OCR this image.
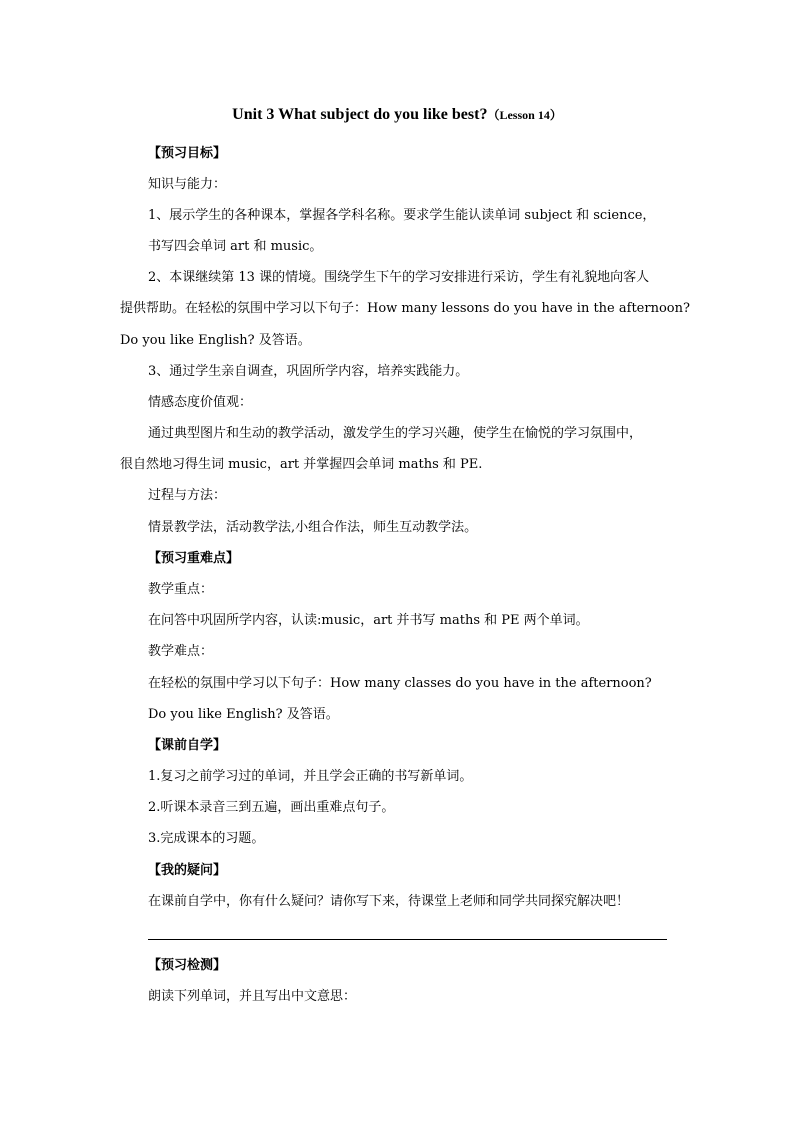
Unit 3 What subject do you like best?（Lesson 14）
【预习目标】
知识与能力：
1、展示学生的各种课本，掌握各学科名称。要求学生能认读单词 subject 和 science，
书写四会单词 art 和 music。
2、本课继续第 13 课的情境。围绕学生下午的学习安排进行采访，学生有礼貌地向客人
提供帮助。在轻松的氛围中学习以下句子：How many lessons do you have in the afternoon?
Do you like English? 及答语。
3、通过学生亲自调查，巩固所学内容，培养实践能力。
情感态度价值观：
通过典型图片和生动的教学活动，激发学生的学习兴趣，使学生在愉悦的学习氛围中，
很自然地习得生词 music，art 并掌握四会单词 maths 和 PE.
过程与方法：
情景教学法，活动教学法,小组合作法，师生互动教学法。
【预习重难点】
教学重点：
在问答中巩固所学内容，认读:music，art 并书写 maths 和 PE 两个单词。
教学难点：
在轻松的氛围中学习以下句子：How many classes do you have in the afternoon?
Do you like English? 及答语。
【课前自学】
1.复习之前学习过的单词，并且学会正确的书写新单词。
2.听课本录音三到五遍，画出重难点句子。
3.完成课本的习题。
【我的疑问】
在课前自学中，你有什么疑问？请你写下来，待课堂上老师和同学共同探究解决吧！
【预习检测】
朗读下列单词，并且写出中文意思：
